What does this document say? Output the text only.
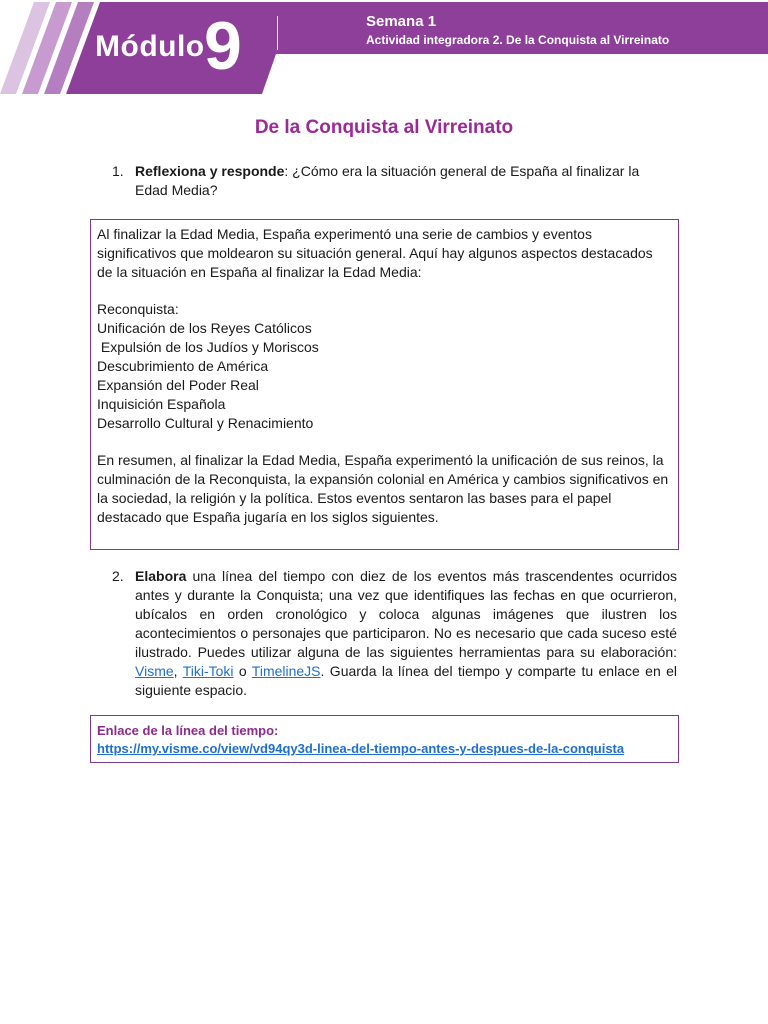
Módulo 9	Semana 1
Actividad integradora 2. De la Conquista al Virreinato
De la Conquista al Virreinato
1. Reflexiona y responde: ¿Cómo era la situación general de España al finalizar la Edad Media?

Al finalizar la Edad Media, España experimentó una serie de cambios y eventos significativos que moldearon su situación general. Aquí hay algunos aspectos destacados de la situación en España al finalizar la Edad Media:

Reconquista:

Unificación de los Reyes Católicos

Expulsión de los Judíos y Moriscos

Descubrimiento de América

Expansión del Poder Real

Inquisición Española

Desarrollo Cultural y Renacimiento

En resumen, al finalizar la Edad Media, España experimentó la unificación de sus reinos, la culminación de la Reconquista, la expansión colonial en América y cambios significativos en la sociedad, la religión y la política. Estos eventos sentaron las bases para el papel destacado que España jugaría en los siglos siguientes.

2. Elabora una línea del tiempo con diez de los eventos más trascendentes ocurridos antes y durante la Conquista; una vez que identifiques las fechas en que ocurrieron, ubícalos en orden cronológico y coloca algunas imágenes que ilustren los acontecimientos o personajes que participaron. No es necesario que cada suceso esté ilustrado. Puedes utilizar alguna de las siguientes herramientas para su elaboración: Visme, Tiki-Toki o TimelineJS. Guarda la línea del tiempo y comparte tu enlace en el siguiente espacio.
Enlace de la línea del tiempo:
https://my.visme.co/view/vd94qy3d-linea-del-tiempo-antes-y-despues-de-la-conquista
